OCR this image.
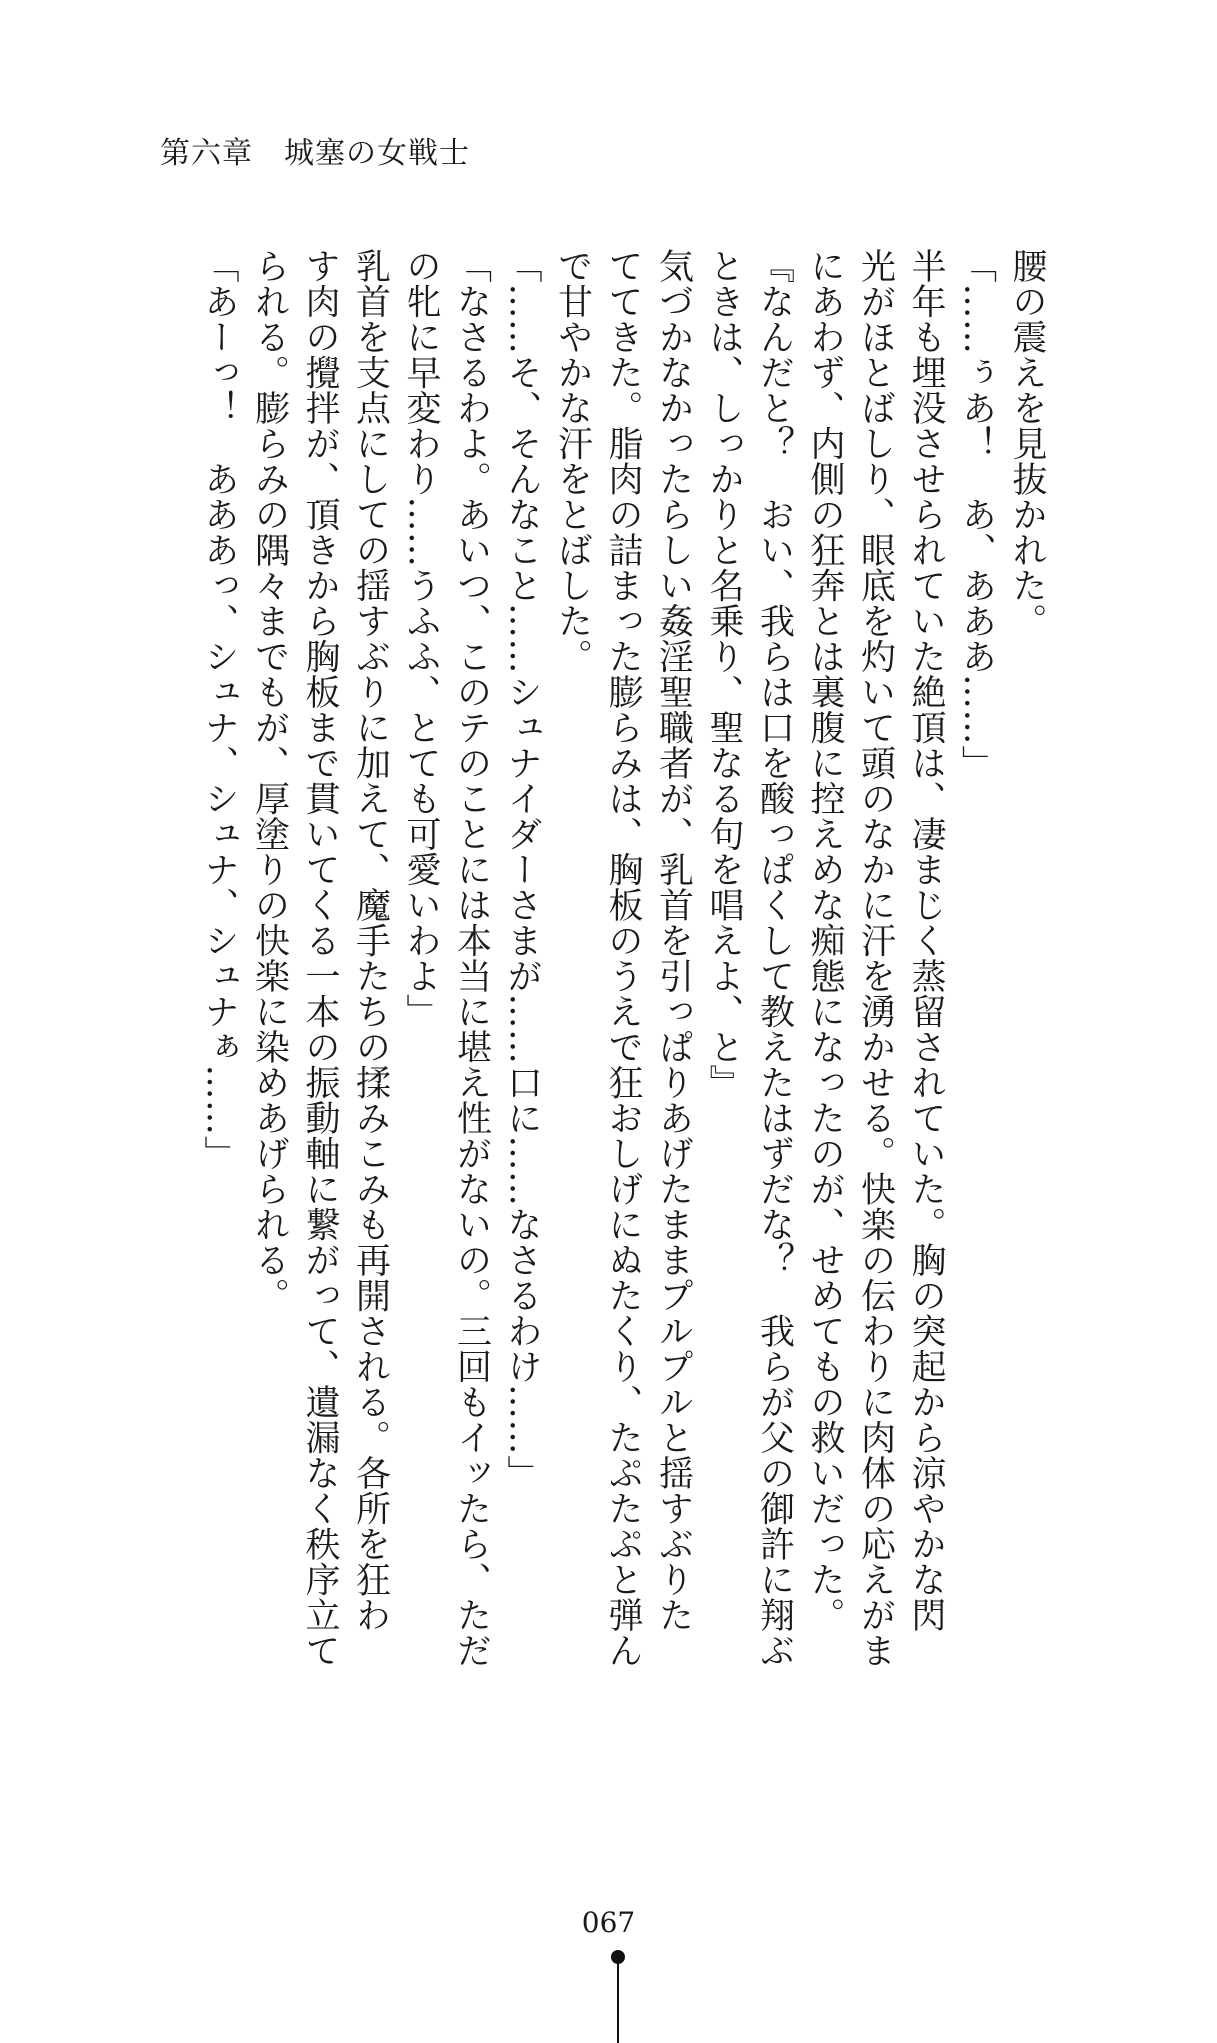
第六章　城塞の女戦士
腰の震えを見抜かれた。
「……ぅあ！　あ、あああ……」
半年も埋没させられていた絶頂は、凄まじく蒸留されていた。胸の突起から涼やかな閃
光がほとばしり、眼底を灼いて頭のなかに汗を湧かせる。快楽の伝わりに肉体の応えがま
にあわず、内側の狂奔とは裏腹に控えめな痴態になったのが、せめてもの救いだった。
『なんだと？　おい、我らは口を酸っぱくして教えたはずだな？　我らが父の御許に翔ぶ
ときは、しっかりと名乗り、聖なる句を唱えよ、と』
気づかなかったらしい姦淫聖職者が、乳首を引っぱりあげたままプルプルと揺すぶりた
ててきた。脂肉の詰まった膨らみは、胸板のうえで狂おしげにぬたくり、たぷたぷと弾ん
で甘やかな汗をとばした。
「……そ、そんなこと……シュナイダーさまが……口に……なさるわけ……」
「なさるわよ。あいつ、このテのことには本当に堪え性がないの。三回もイッたら、ただ
の牝に早変わり……うふふ、とても可愛いわよ」
乳首を支点にしての揺すぶりに加えて、魔手たちの揉みこみも再開される。各所を狂わ
す肉の攪拌が、頂きから胸板まで貫いてくる一本の振動軸に繋がって、遺漏なく秩序立て
られる。膨らみの隅々までもが、厚塗りの快楽に染めあげられる。
「あーっ！　あああっ、シュナ、シュナ、シュナぁ……」
067
